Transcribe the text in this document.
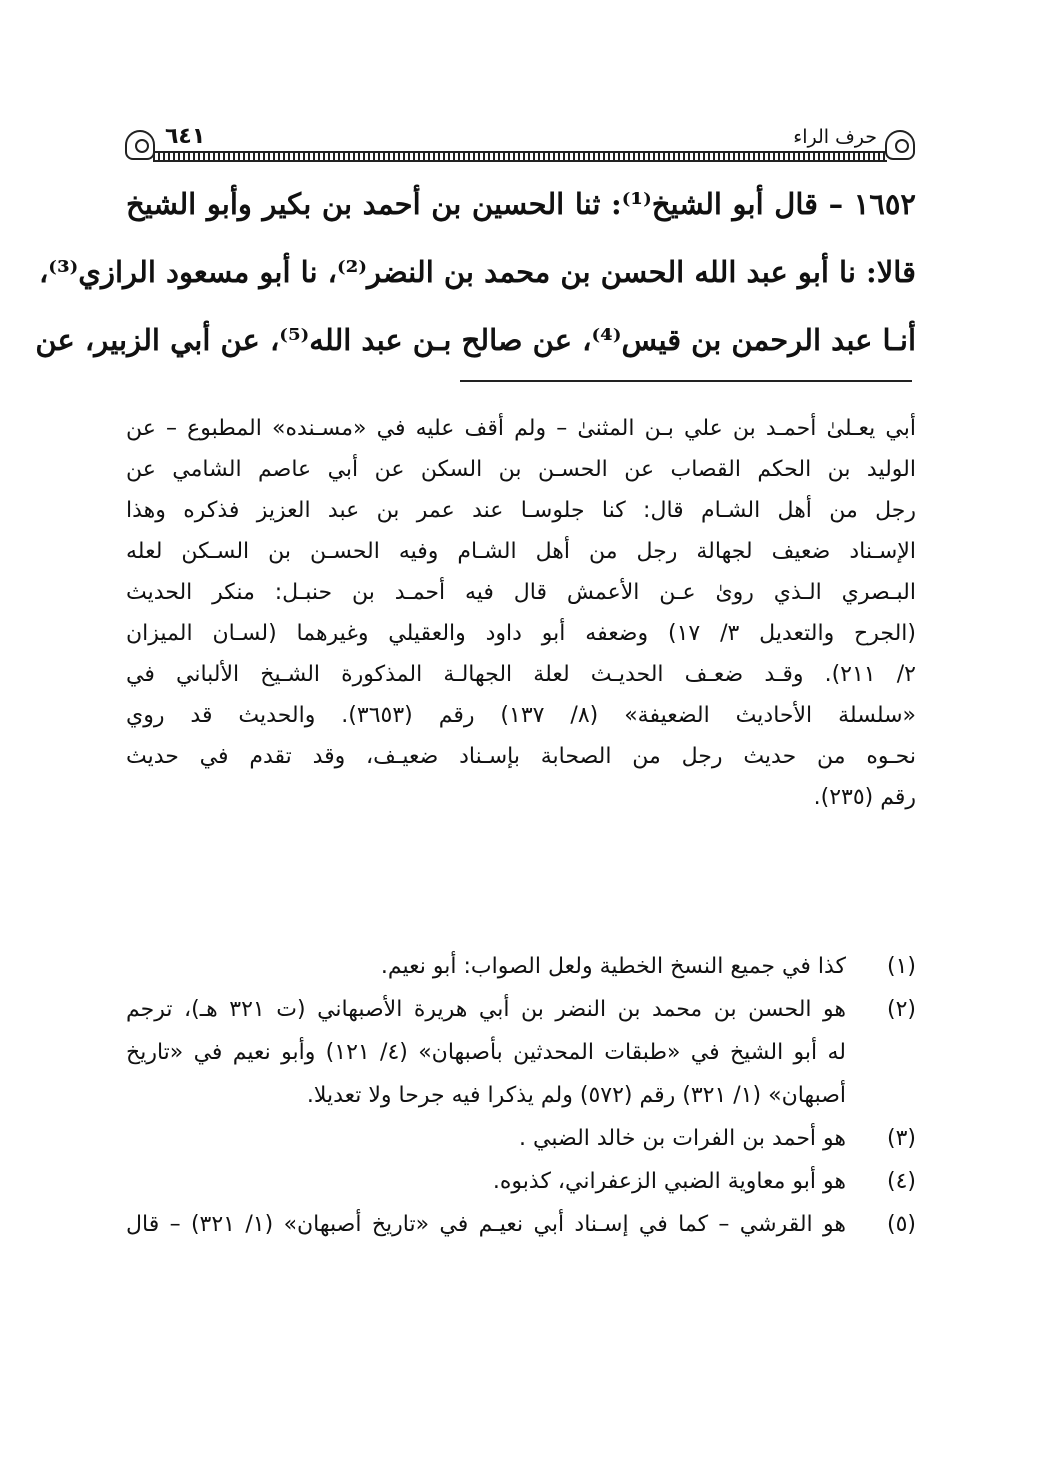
حرف الراء
٦٤١
١٦٥٢ – قال أبو الشيخ⁽¹⁾: ثنا الحسين بن أحمد بن بكير وأبو الشيخ
قالا: نا أبو عبد الله الحسن بن محمد بن النضر⁽²⁾، نا أبو مسعود الرازي⁽³⁾،
أنـا عبد الرحمن بن قيس⁽⁴⁾، عن صالح بـن عبد الله⁽⁵⁾، عن أبي الزبير، عن
أبي يعـلىٰ أحمـد بن علي بـن المثنىٰ – ولم أقف عليه في «مسـنده» المطبوع – عن
الوليد بن الحكم القصاب عن الحسـن بن السكن عن أبي عاصم الشامي عن
رجل من أهل الشـام قال: كنا جلوسـا عند عمر بن عبد العزيز فذكره وهذا
الإسـناد ضعيف لجهالة رجل من أهل الشـام وفيه الحسـن بن السـكن لعله
البـصري الـذي روىٰ عـن الأعمش قال فيه أحمـد بن حنبـل: منكر الحديث
(الجرح والتعديل ٣/ ١٧) وضعفه أبو داود والعقيلي وغيرهما (لسـان الميزان
٢/ ٢١١). وقـد ضعـف الحديـث لعلة الجهالـة المذكورة الشـيخ الألباني في
«سلسلة الأحاديث الضعيفة» (٨/ ١٣٧) رقم (٣٦٥٣). والحديث قد روي
نحـوه من حديث رجل من الصحابة بإسـناد ضعيـف، وقد تقدم في حديث
رقم (٢٣٥).
(١)
كذا في جميع النسخ الخطية ولعل الصواب: أبو نعيم.
(٢)
هو الحسن بن محمد بن النضر بن أبي هريرة الأصبهاني (ت ٣٢١ هـ)، ترجم
له أبو الشيخ في «طبقات المحدثين بأصبهان» (٤/ ١٢١) وأبو نعيم في «تاريخ
أصبهان» (١/ ٣٢١) رقم (٥٧٢) ولم يذكرا فيه جرحا ولا تعديلا.
(٣)
هو أحمد بن الفرات بن خالد الضبي .
(٤)
هو أبو معاوية الضبي الزعفراني، كذبوه.
(٥)
هو القرشي – كما في إسـناد أبي نعيـم في «تاريخ أصبهان» (١/ ٣٢١) – قال
